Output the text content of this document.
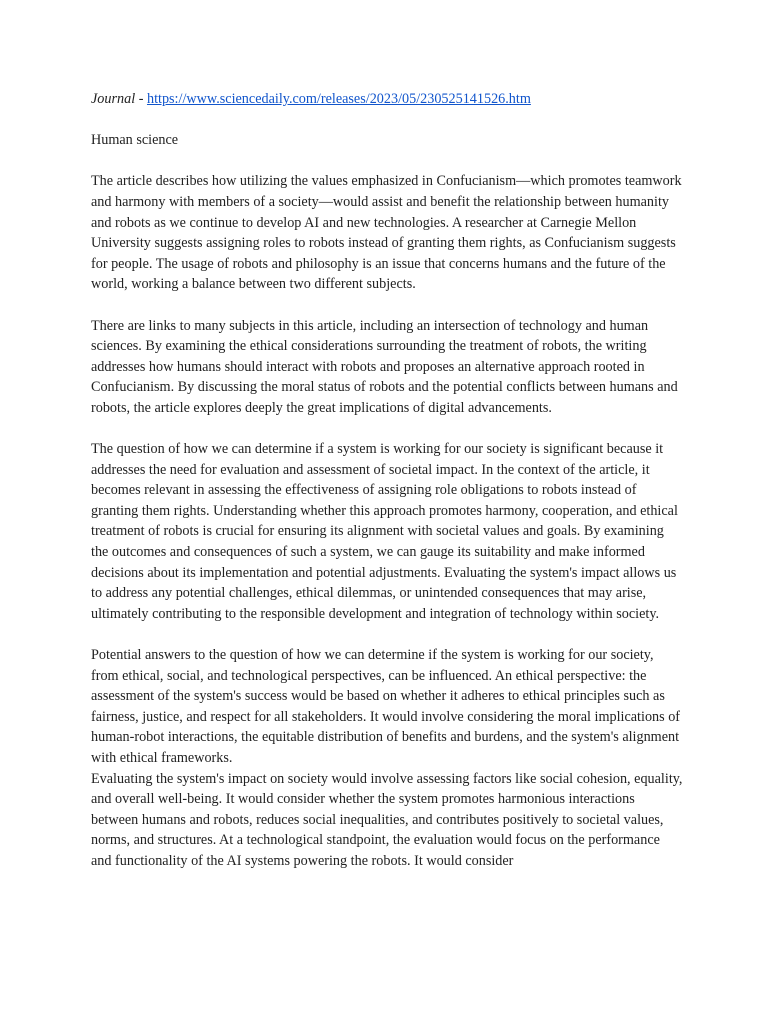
Journal - https://www.sciencedaily.com/releases/2023/05/230525141526.htm
Human science

The article describes how utilizing the values emphasized in Confucianism—which promotes teamwork and harmony with members of a society—would assist and benefit the relationship between humanity and robots as we continue to develop AI and new technologies. A researcher at Carnegie Mellon University suggests assigning roles to robots instead of granting them rights, as Confucianism suggests for people. The usage of robots and philosophy is an issue that concerns humans and the future of the world, working a balance between two different subjects.

There are links to many subjects in this article, including an intersection of technology and human sciences. By examining the ethical considerations surrounding the treatment of robots, the writing addresses how humans should interact with robots and proposes an alternative approach rooted in Confucianism. By discussing the moral status of robots and the potential conflicts between humans and robots, the article explores deeply the great implications of digital advancements.

The question of how we can determine if a system is working for our society is significant because it addresses the need for evaluation and assessment of societal impact. In the context of the article, it becomes relevant in assessing the effectiveness of assigning role obligations to robots instead of granting them rights. Understanding whether this approach promotes harmony, cooperation, and ethical treatment of robots is crucial for ensuring its alignment with societal values and goals. By examining the outcomes and consequences of such a system, we can gauge its suitability and make informed decisions about its implementation and potential adjustments. Evaluating the system's impact allows us to address any potential challenges, ethical dilemmas, or unintended consequences that may arise, ultimately contributing to the responsible development and integration of technology within society.

Potential answers to the question of how we can determine if the system is working for our society, from ethical, social, and technological perspectives, can be influenced. An ethical perspective: the assessment of the system's success would be based on whether it adheres to ethical principles such as fairness, justice, and respect for all stakeholders. It would involve considering the moral implications of human-robot interactions, the equitable distribution of benefits and burdens, and the system's alignment with ethical frameworks.

Evaluating the system's impact on society would involve assessing factors like social cohesion, equality, and overall well-being. It would consider whether the system promotes harmonious interactions between humans and robots, reduces social inequalities, and contributes positively to societal values, norms, and structures. At a technological standpoint, the evaluation would focus on the performance and functionality of the AI systems powering the robots. It would consider
